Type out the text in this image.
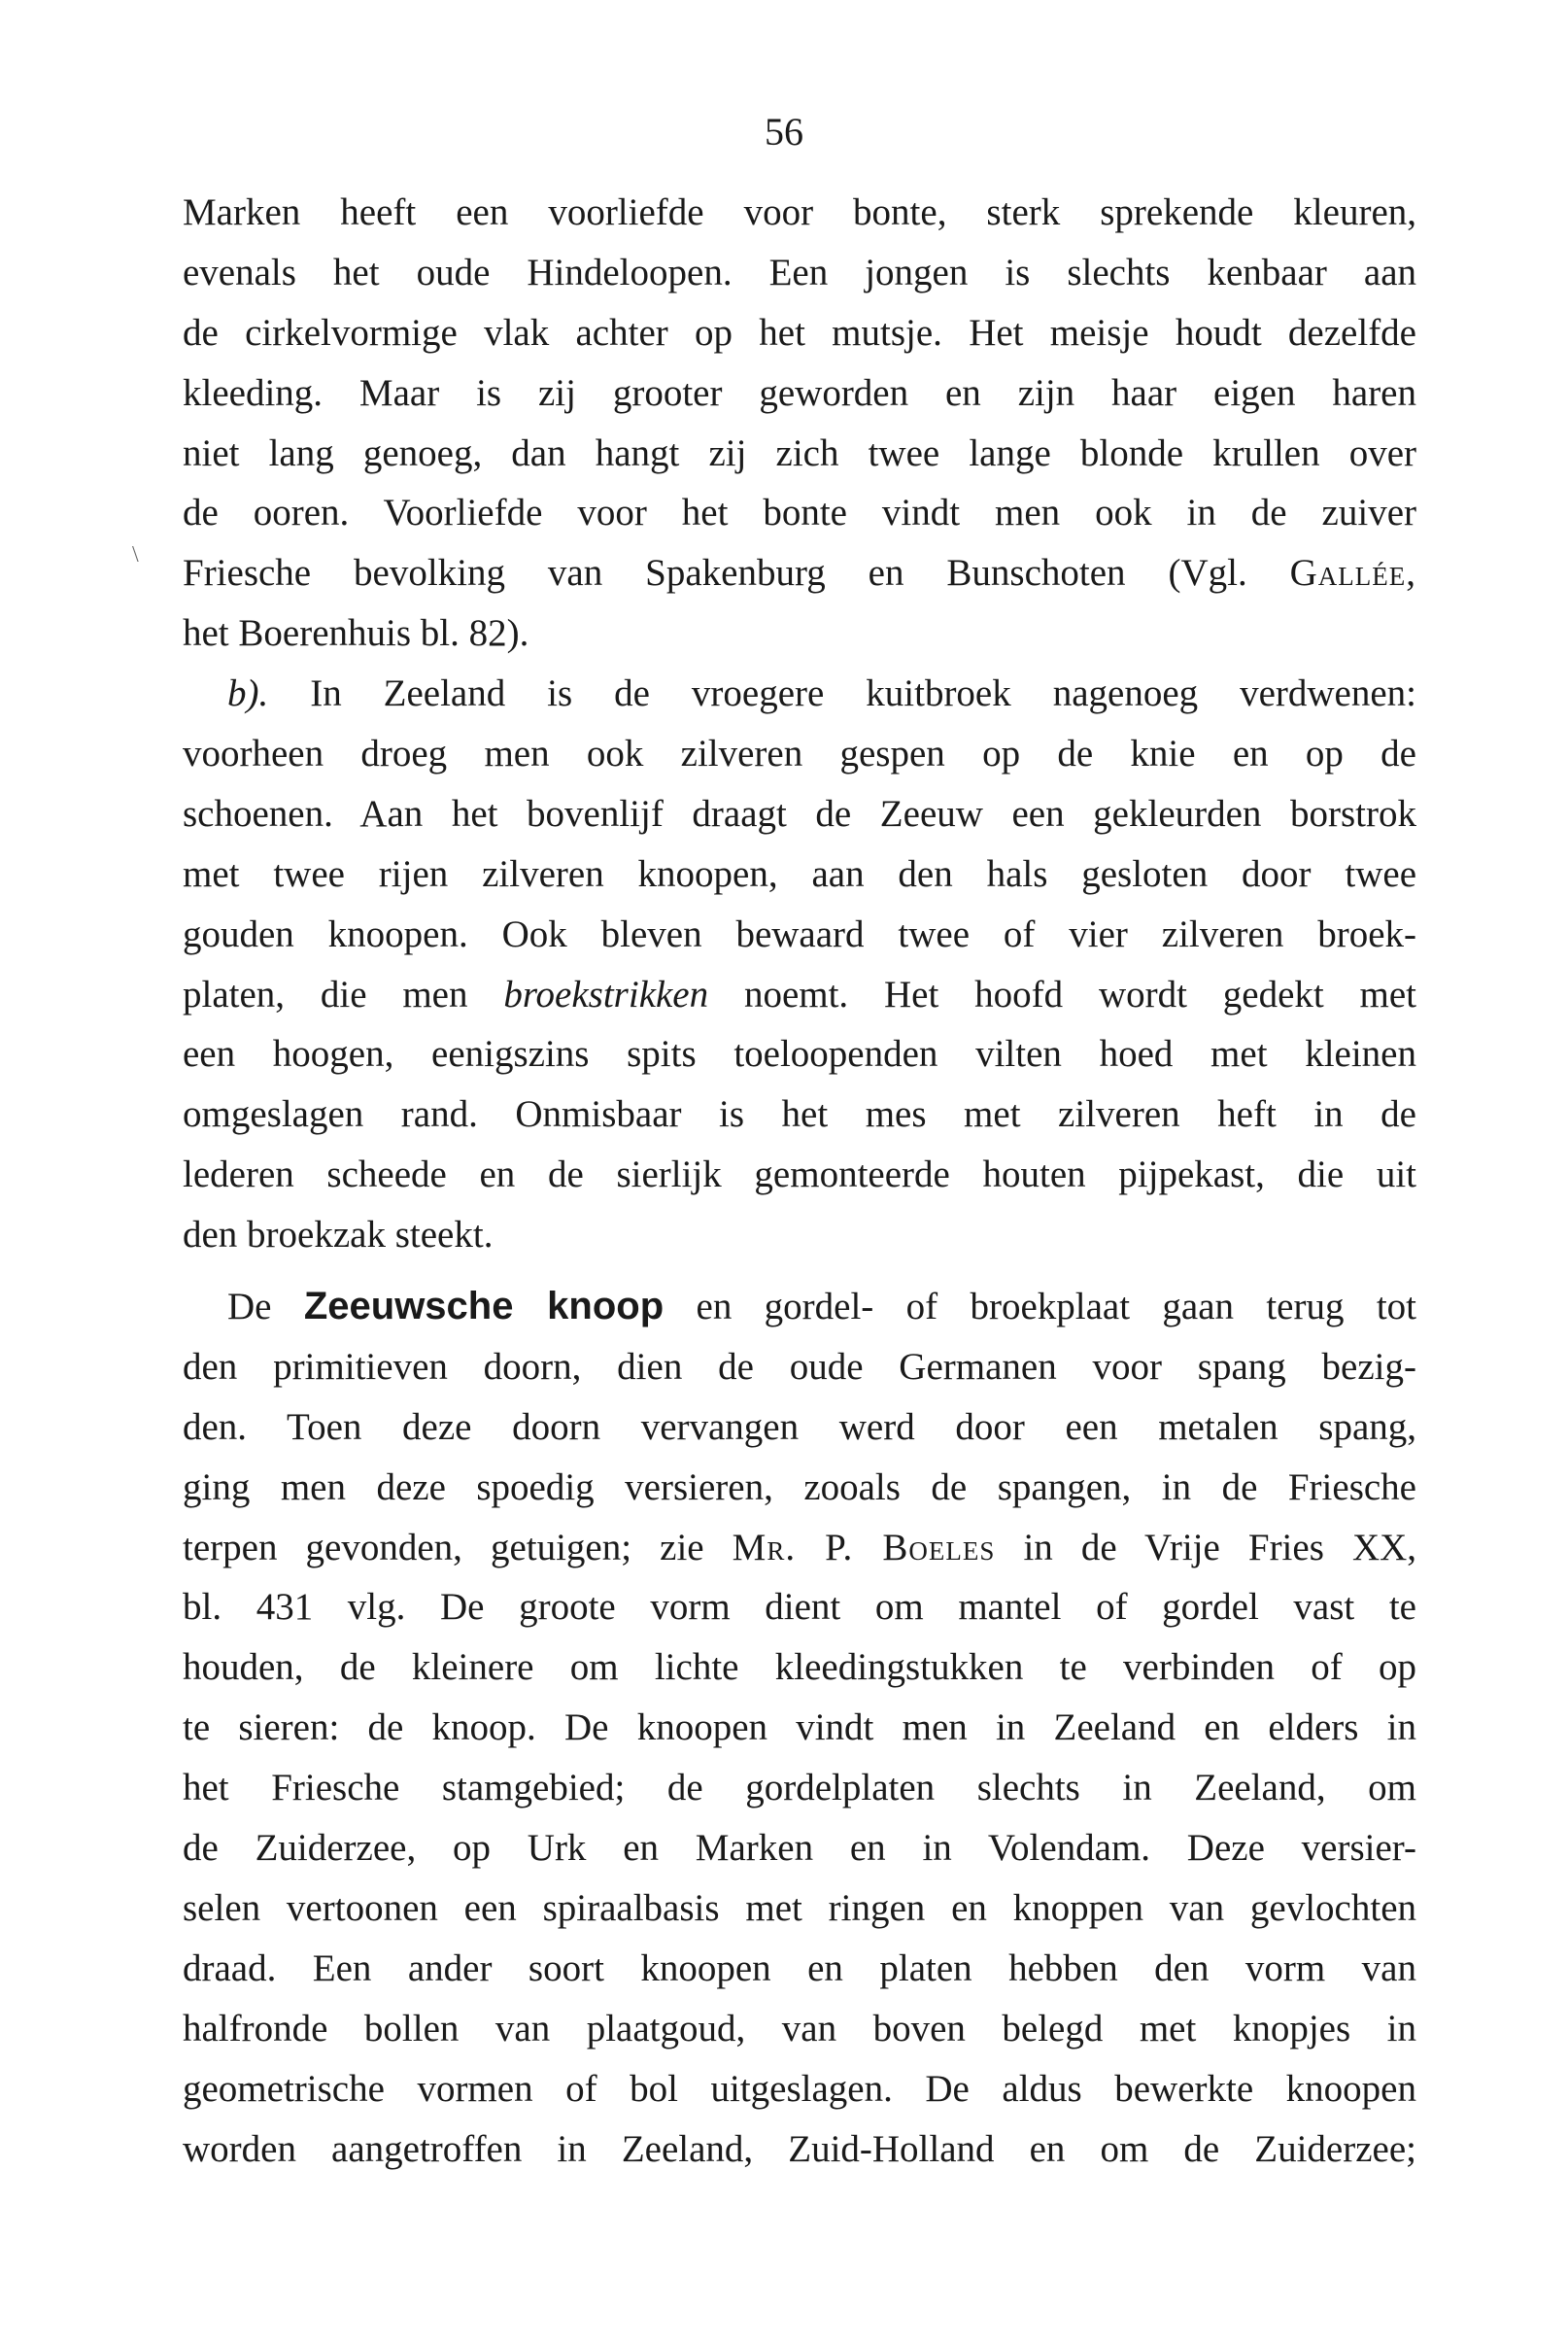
56
\
Marken heeft een voorliefde voor bonte, sterk sprekende kleuren,
evenals het oude Hindeloopen. Een jongen is slechts kenbaar aan
de cirkelvormige vlak achter op het mutsje. Het meisje houdt dezelfde
kleeding. Maar is zij grooter geworden en zijn haar eigen haren
niet lang genoeg, dan hangt zij zich twee lange blonde krullen over
de ooren. Voorliefde voor het bonte vindt men ook in de zuiver
Friesche bevolking van Spakenburg en Bunschoten (Vgl. Gallée,
het Boerenhuis bl. 82).
b). In Zeeland is de vroegere kuitbroek nagenoeg verdwenen:
voorheen droeg men ook zilveren gespen op de knie en op de
schoenen. Aan het bovenlijf draagt de Zeeuw een gekleurden borstrok
met twee rijen zilveren knoopen, aan den hals gesloten door twee
gouden knoopen. Ook bleven bewaard twee of vier zilveren broek-
platen, die men broekstrikken noemt. Het hoofd wordt gedekt met
een hoogen, eenigszins spits toeloopenden vilten hoed met kleinen
omgeslagen rand. Onmisbaar is het mes met zilveren heft in de
lederen scheede en de sierlijk gemonteerde houten pijpekast, die uit
den broekzak steekt.
De Zeeuwsche knoop en gordel- of broekplaat gaan terug tot
den primitieven doorn, dien de oude Germanen voor spang bezig-
den. Toen deze doorn vervangen werd door een metalen spang,
ging men deze spoedig versieren, zooals de spangen, in de Friesche
terpen gevonden, getuigen; zie Mr. P. Boeles in de Vrije Fries XX,
bl. 431 vlg. De groote vorm dient om mantel of gordel vast te
houden, de kleinere om lichte kleedingstukken te verbinden of op
te sieren: de knoop. De knoopen vindt men in Zeeland en elders in
het Friesche stamgebied; de gordelplaten slechts in Zeeland, om
de Zuiderzee, op Urk en Marken en in Volendam. Deze versier-
selen vertoonen een spiraalbasis met ringen en knoppen van gevlochten
draad. Een ander soort knoopen en platen hebben den vorm van
halfronde bollen van plaatgoud, van boven belegd met knopjes in
geometrische vormen of bol uitgeslagen. De aldus bewerkte knoopen
worden aangetroffen in Zeeland, Zuid-Holland en om de Zuiderzee;
